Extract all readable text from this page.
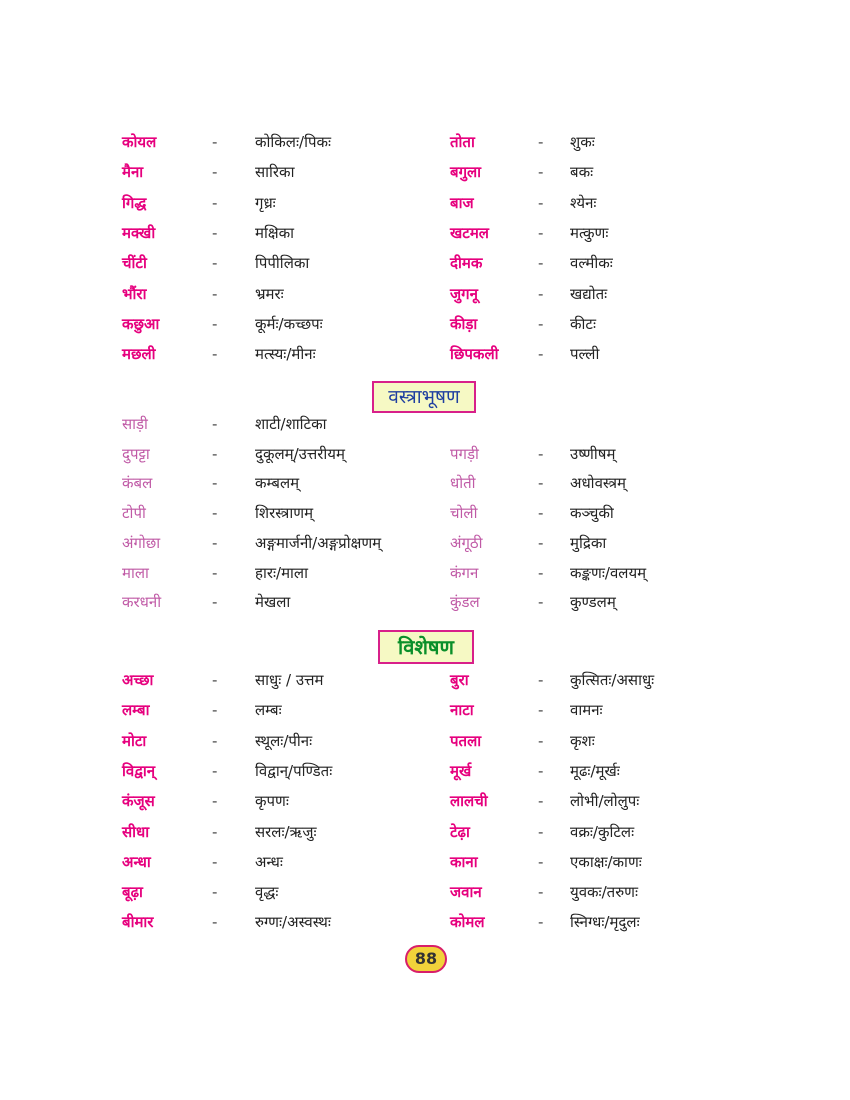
कोयल	-	कोकिलः/पिकः	तोता	- शुकः
मैना	-	सारिका	बगुला	- बकः
गिद्ध	-	गृध्रः	बाज	- श्येनः
मक्खी	-	मक्षिका	खटमल	- मत्कुणः
चींटी	-	पिपीलिका	दीमक	- वल्मीकः
भौंरा	-	भ्रमरः	जुगनू	- खद्योतः
कछुआ	-	कूर्मः/कच्छपः	कीड़ा	- कीटः
मछली	-	मत्स्यः/मीनः	छिपकली	- पल्ली
वस्त्राभूषण
साड़ी	-	शाटी/शाटिका
दुपट्टा	-	दुकूलम्/उत्तरीयम्	पगड़ी	- उष्णीषम्
कंबल	-	कम्बलम्	धोती	- अधोवस्त्रम्
टोपी	-	शिरस्त्राणम्	चोली	- कञ्चुकी
अंगोछा	-	अङ्गमार्जनी/अङ्गप्रोक्षणम्	अंगूठी	- मुद्रिका
माला	-	हारः/माला	कंगन	- कङ्कणः/वलयम्
करधनी	-	मेखला	कुंडल	- कुण्डलम्
विशेषण
अच्छा	-	साधुः / उत्तम	बुरा	- कुत्सितः/असाधुः
लम्बा	-	लम्बः	नाटा	- वामनः
मोटा	-	स्थूलः/पीनः	पतला	- कृशः
विद्वान्	-	विद्वान्/पण्डितः	मूर्ख	- मूढः/मूर्खः
कंजूस	-	कृपणः	लालची	- लोभी/लोलुपः
सीधा	-	सरलः/ऋजुः	टेढ़ा	- वक्रः/कुटिलः
अन्धा	-	अन्धः	काना	- एकाक्षः/काणः
बूढ़ा	-	वृद्धः	जवान	- युवकः/तरुणः
बीमार	-	रुग्णः/अस्वस्थः	कोमल	- स्निग्धः/मृदुलः
88
